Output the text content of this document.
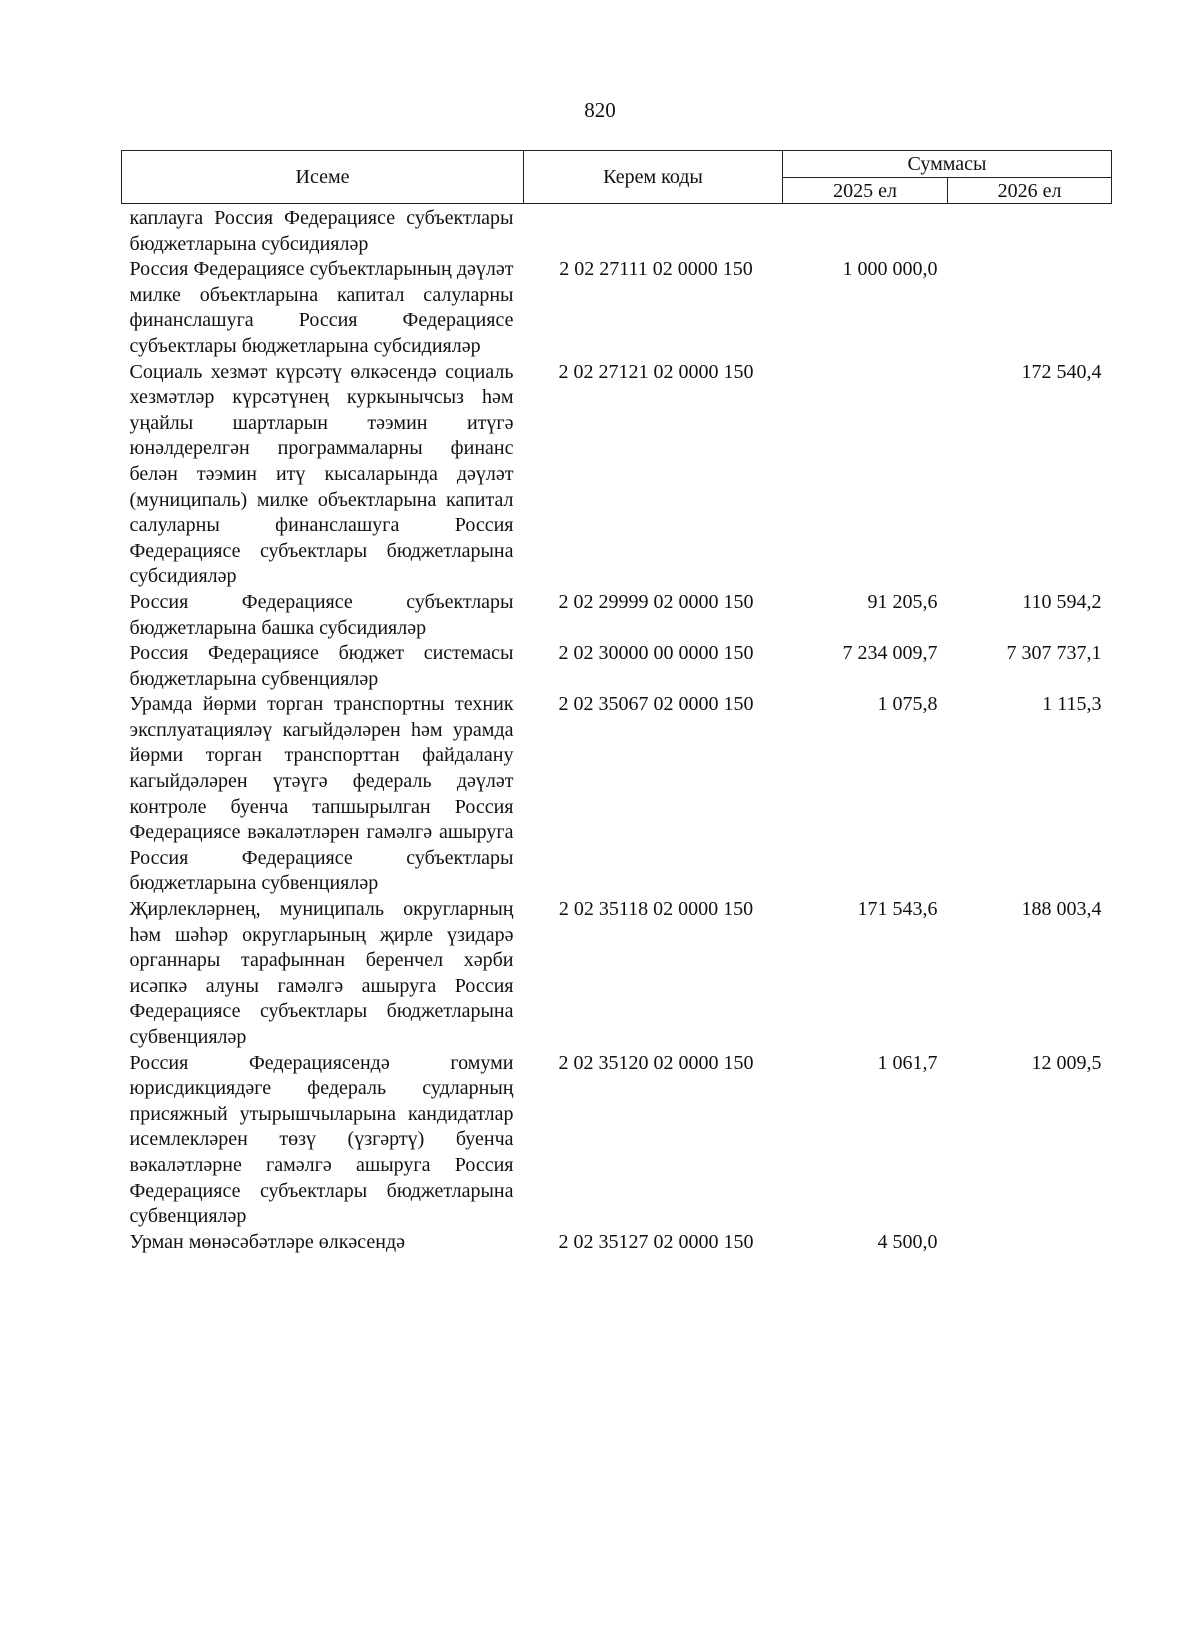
820
Исеме	Керем коды	Суммасы	
		2025 ел	2026 ел
каплауга Россия Федерациясе субъектлары бюджетларына субсидияләр			
Россия Федерациясе субъектларының дәүләт милке объектларына капитал салуларны финанслашуга Россия Федерациясе субъектлары бюджетларына субсидияләр	2 02 27111 02 0000 150	1 000 000,0	
Социаль хезмәт күрсәтү өлкәсендә социаль хезмәтләр күрсәтүнең куркынычсыз һәм уңайлы шартларын тәэмин итүгә юнәлдерелгән программаларны финанс белән тәэмин итү кысаларында дәүләт (муниципаль) милке объектларына капитал салуларны финанслашуга Россия Федерациясе субъектлары бюджетларына субсидияләр	2 02 27121 02 0000 150		172 540,4
Россия Федерациясе субъектлары бюджетларына башка субсидияләр	2 02 29999 02 0000 150	91 205,6	110 594,2
Россия Федерациясе бюджет системасы бюджетларына субвенцияләр	2 02 30000 00 0000 150	7 234 009,7	7 307 737,1
Урамда йөрми торган транспортны техник эксплуатацияләү кагыйдәләрен һәм урамда йөрми торган транспорттан файдалану кагыйдәләрен үтәүгә федераль дәүләт контроле буенча тапшырылган Россия Федерациясе вәкаләтләрен гамәлгә ашыруга Россия Федерациясе субъектлары бюджетларына субвенцияләр	2 02 35067 02 0000 150	1 075,8	1 115,3
Җирлекләрнең, муниципаль округларның һәм шәһәр округларының җирле үзидарә органнары тарафыннан беренчел хәрби исәпкә алуны гамәлгә ашыруга Россия Федерациясе субъектлары бюджетларына субвенцияләр	2 02 35118 02 0000 150	171 543,6	188 003,4
Россия Федерациясендә гомуми юрисдикциядәге федераль судларның присяжный утырышчыларына кандидатлар исемлекләрен төзү (үзгәртү) буенча вәкаләтләрне гамәлгә ашыруга Россия Федерациясе субъектлары бюджетларына субвенцияләр	2 02 35120 02 0000 150	1 061,7	12 009,5
Урман мөнәсәбәтләре өлкәсендә	2 02 35127 02 0000 150	4 500,0	
